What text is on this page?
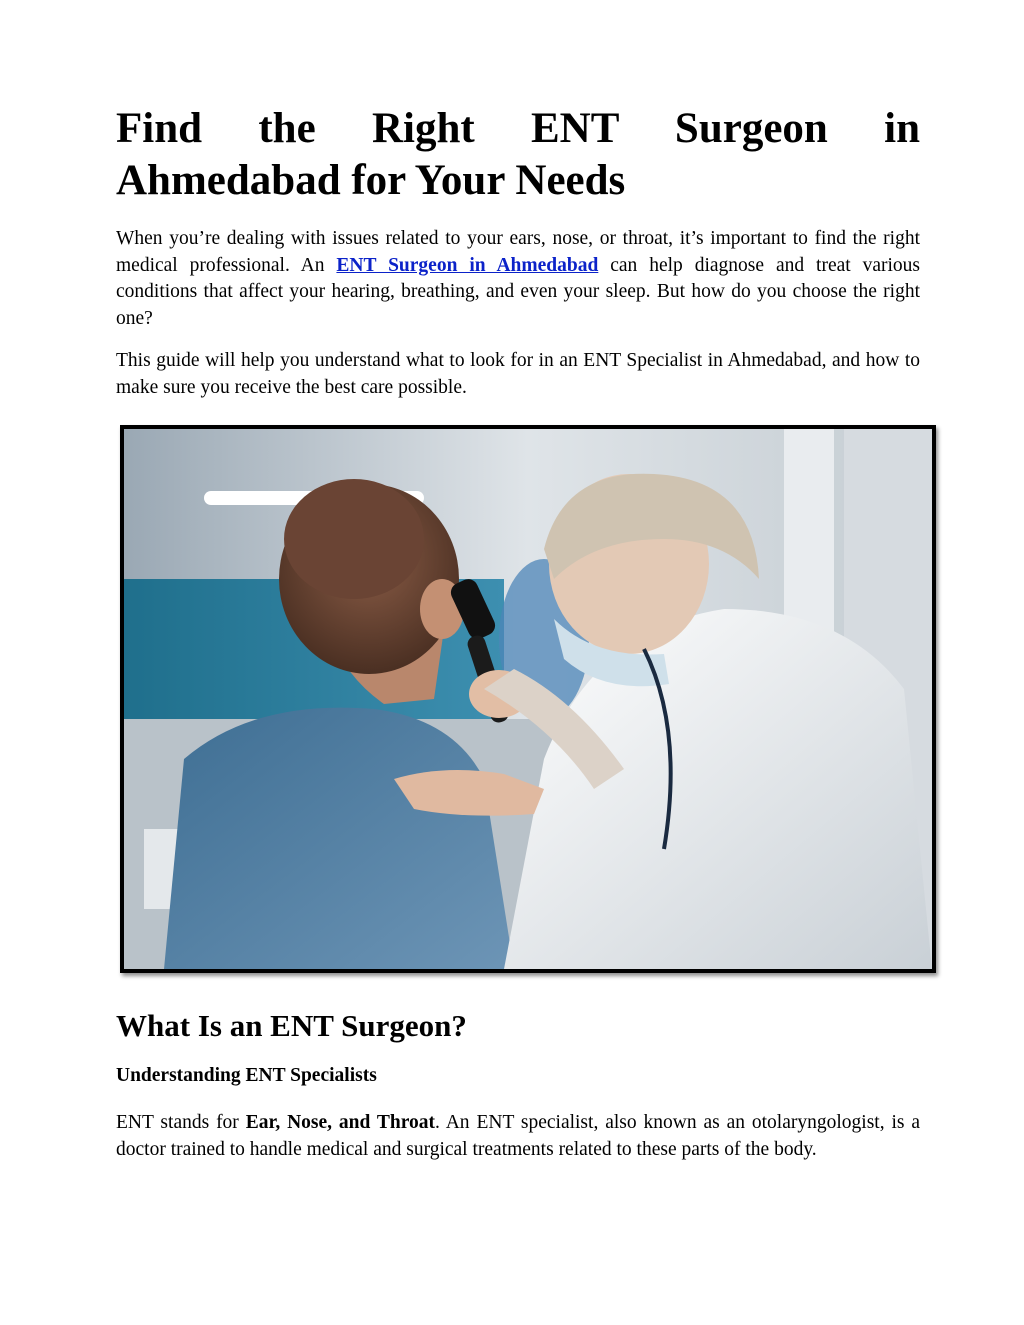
Find the Right ENT Surgeon in Ahmedabad for Your Needs

When you’re dealing with issues related to your ears, nose, or throat, it’s important to find the right medical professional. An ENT Surgeon in Ahmedabad can help diagnose and treat various conditions that affect your hearing, breathing, and even your sleep. But how do you choose the right one?

This guide will help you understand what to look for in an ENT Specialist in Ahmedabad, and how to make sure you receive the best care possible.

What Is an ENT Surgeon?
Understanding ENT Specialists

ENT stands for Ear, Nose, and Throat. An ENT specialist, also known as an otolaryngologist, is a doctor trained to handle medical and surgical treatments related to these parts of the body.
